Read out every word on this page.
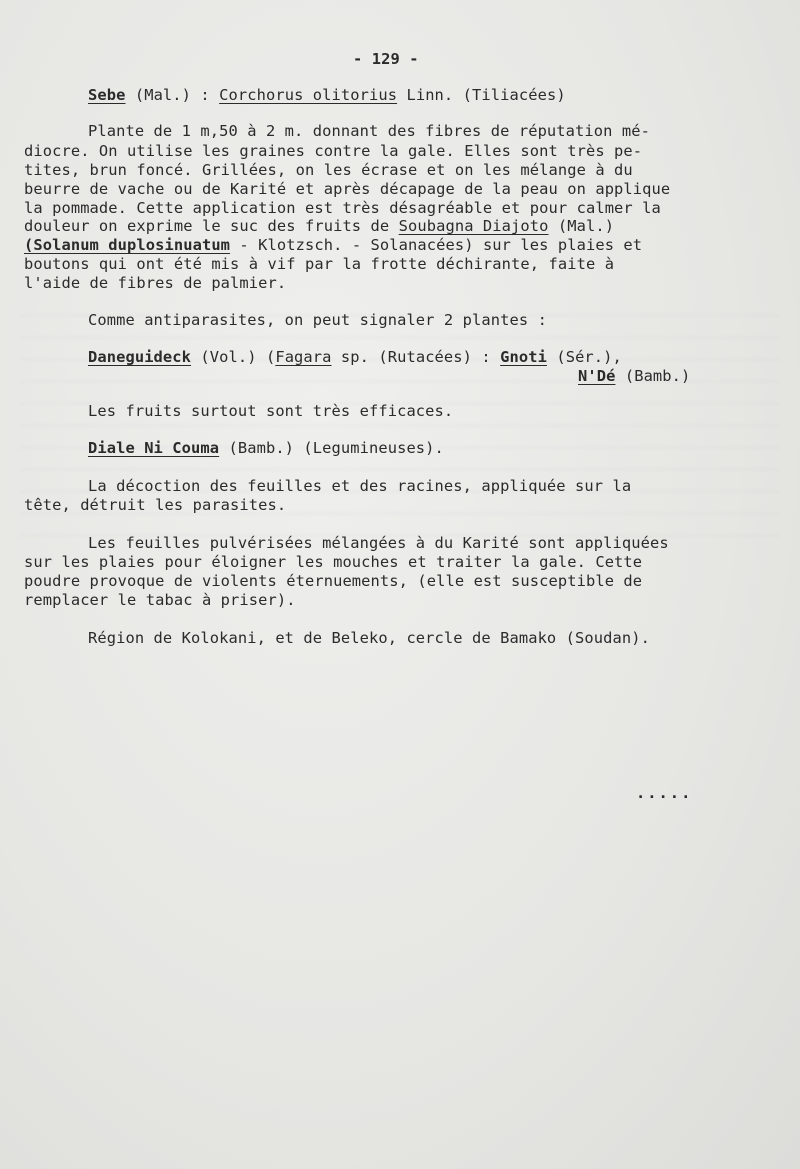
- 129 -
Sebe (Mal.) : Corchorus olitorius Linn. (Tiliacées)
Plante de 1 m,50 à 2 m. donnant des fibres de réputation mé-
diocre. On utilise les graines contre la gale. Elles sont très pe-
tites, brun foncé. Grillées, on les écrase et on les mélange à du
beurre de vache ou de Karité et après décapage de la peau on applique
la pommade. Cette application est très désagréable et pour calmer la
douleur on exprime le suc des fruits de Soubagna Diajoto (Mal.)
(Solanum duplosinuatum - Klotzsch. - Solanacées) sur les plaies et
boutons qui ont été mis à vif par la frotte déchirante, faite à
l'aide de fibres de palmier.
Comme antiparasites, on peut signaler 2 plantes :
Daneguideck (Vol.) (Fagara sp. (Rutacées) : Gnoti (Sér.),
N'Dé (Bamb.)
Les fruits surtout sont très efficaces.
Diale Ni Couma (Bamb.) (Legumineuses).
La décoction des feuilles et des racines, appliquée sur la
tête, détruit les parasites.
Les feuilles pulvérisées mélangées à du Karité sont appliquées
sur les plaies pour éloigner les mouches et traiter la gale. Cette
poudre provoque de violents éternuements, (elle est susceptible de
remplacer le tabac à priser).
Région de Kolokani, et de Beleko, cercle de Bamako (Soudan).
.....
